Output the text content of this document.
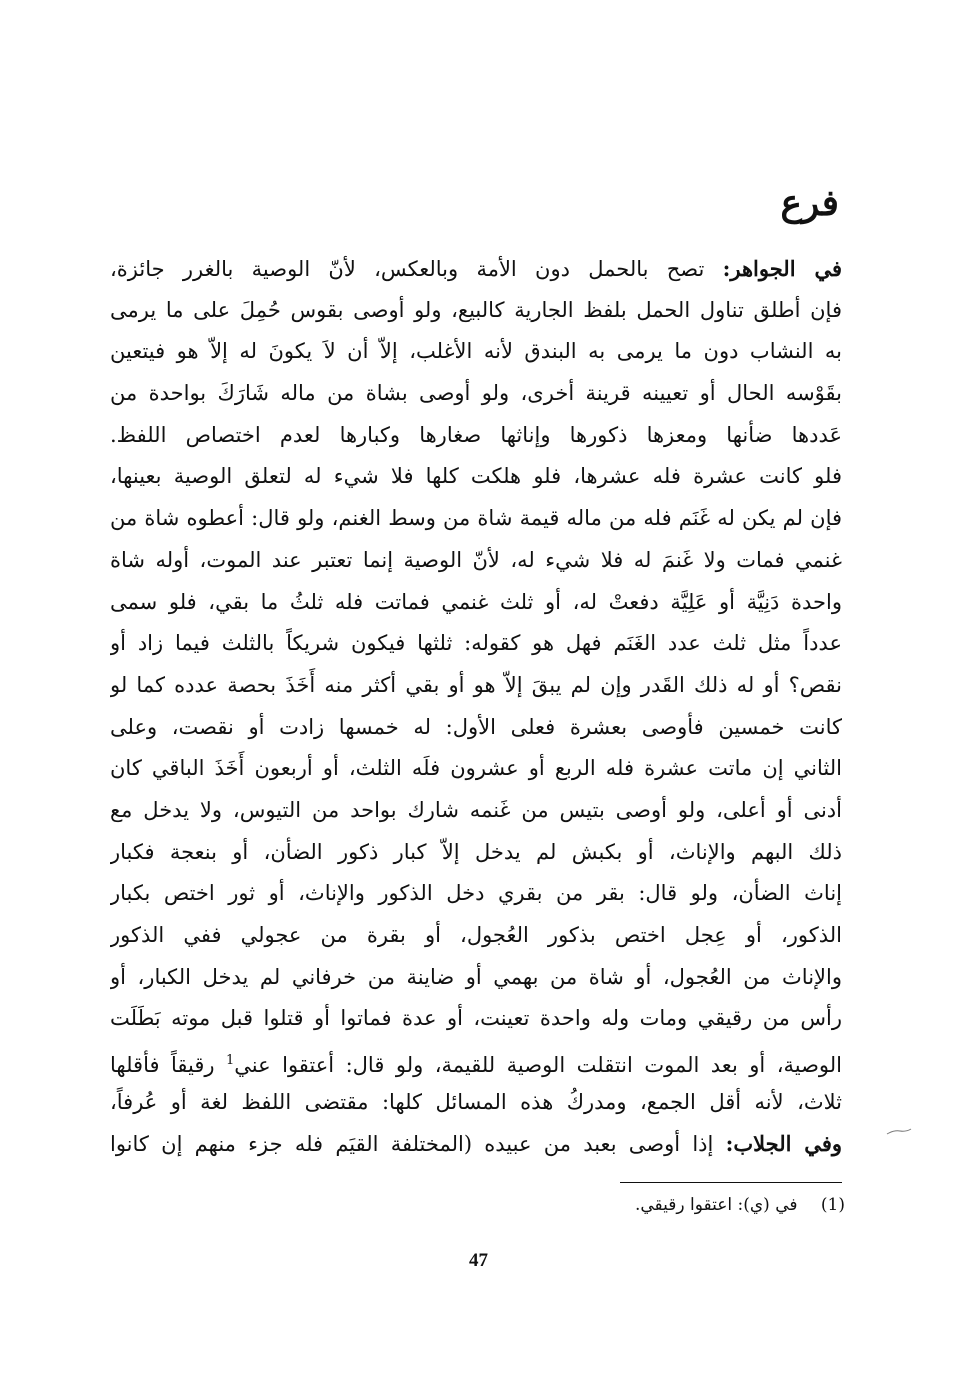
فرع
في الجواهر: تصح بالحمل دون الأمة وبالعكس، لأنّ الوصية بالغرر جائزة،
فإن أطلق تناول الحمل بلفظ الجارية كالبيع، ولو أوصى بقوس حُمِلَ على ما يرمى
به النشاب دون ما يرمى به البندق لأنه الأغلب، إلاّ أن لاَ يكونَ له إلاّ هو فيتعين
بقَوْسه الحال أو تعيينه قرينة أخرى، ولو أوصى بشاة من ماله شَارَكَ بواحدة من
عَددها ضأنها ومعزها ذكورها وإناثها صغارها وكبارها لعدم اختصاص اللفظ.
فلو كانت عشرة فله عشرها، فلو هلكت كلها فلا شيء له لتعلق الوصية بعينها،
فإن لم يكن له غَنَم فله من ماله قيمة شاة من وسط الغنم، ولو قال: أعطوه شاة من
غنمي فمات ولا غَنمَ له فلا شيء له، لأنّ الوصية إنما تعتبر عند الموت، أوله شاة
واحدة دَنِيَّة أو عَلِيَّة دفعتْ له، أو ثلث غنمي فماتت فله ثلثُ ما بقي، فلو سمى
عدداً مثل ثلث عدد الغَنَم فهل هو كقوله: ثلثها فيكون شريكاً بالثلث فيما زاد أو
نقص؟ أو له ذلك القَدر وإن لم يبقَ إلاّ هو أو بقي أكثر منه أَخَذَ بحصة عدده كما لو
كانت خمسين فأوصى بعشرة فعلى الأول: له خمسها زادت أو نقصت، وعلى
الثاني إن ماتت عشرة فله الربع أو عشرون فلَه الثلث، أو أربعون أَخَذَ الباقي كان
أدنى أو أعلى، ولو أوصى بتيس من غَنمه شارك بواحد من التيوس، ولا يدخل مع
ذلك البهم والإناث، أو بكبش لم يدخل إلاّ كبار ذكور الضأن، أو بنعجة فكبار
إناث الضأن، ولو قال: بقر من بقري دخل الذكور والإناث، أو ثور اختص بكبار
الذكور، أو عِجل اختص بذكور العُجول، أو بقرة من عجولي ففي الذكور
والإناث من العُجول، أو شاة من بهمي أو ضاينة من خرفاني لم يدخل الكبار، أو
رأس من رقيقي ومات وله واحدة تعينت، أو عدة فماتوا أو قتلوا قبل موته بَطَلَت
الوصية، أو بعد الموت انتقلت الوصية للقيمة، ولو قال: أعتقوا عني$^1$ رقيقاً فأقلها
ثلاث، لأنه أقل الجمع، ومدركُ هذه المسائل كلها: مقتضى اللفظ لغة أو عُرفاً،
وفي الجلاب: إذا أوصى بعبد من عبيده (المختلفة القيَم فله جزء منهم إن كانوا
(1) في (ي): اعتقوا رقيقي.
47
